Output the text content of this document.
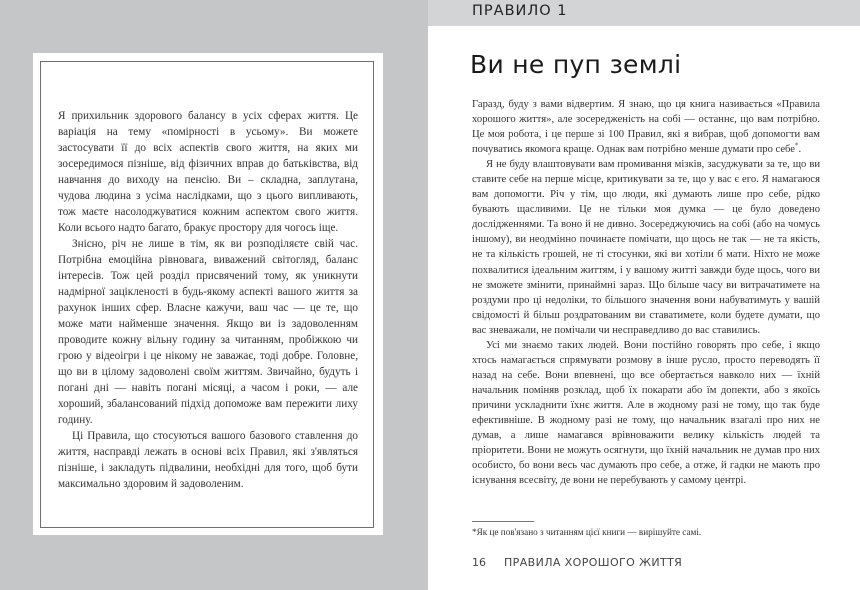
Я прихильник здорового балансу в усіх сферах життя. Це варіація на тему «помірності в усьому». Ви можете застосувати її до всіх аспектів свого життя, на яких ми зосередимося пізніше, від фізичних вправ до батьківства, від навчання до виходу на пенсію. Ви – складна, заплутана, чудова людина з усіма наслідками, що з цього випливають, тож маєте насолоджуватися кожним аспектом свого життя. Коли всього надто багато, бракує простору для чогось іще.

Знісно, річ не лише в тім, як ви розподіляєте свій час. Потрібна емоційна рівновага, виважений світогляд, баланс інтересів. Тож цей розділ присвячений тому, як уникнути надмірної зацікленості в будь-якому аспекті вашого життя за рахунок інших сфер. Власне кажучи, ваш час — це те, що може мати найменше значення. Якщо ви із задоволенням проводите кожну вільну годину за читанням, пробіжкою чи грою у відеоігри і це нікому не заважає, тоді добре. Головне, що ви в цілому задоволені своїм життям. Звичайно, будуть і погані дні — навіть погані місяці, а часом і роки, — але хороший, збалансований підхід допоможе вам пережити лиху годину.

Ці Правила, що стосуються вашого базового ставлення до життя, насправді лежать в основі всіх Правил, які з'являться пізніше, і закладуть підвалини, необхідні для того, щоб бути максимально здоровим й задоволеним.

ПРАВИЛО 1
Ви не пуп землі

Гаразд, буду з вами відвертим. Я знаю, що ця книга називається «Правила хорошого життя», але зосередженість на собі — останнє, що вам потрібно. Це моя робота, і це перше зі 100 Правил, які я вибрав, щоб допомогти вам почуватись якомога краще. Однак вам потрібно менше думати про себе*.

Я не буду влаштовувати вам промивання мізків, засуджувати за те, що ви ставите себе на перше місце, критикувати за те, що у вас є его. Я намагаюся вам допомогти. Річ у тім, що люди, які думають лише про себе, рідко бувають щасливими. Це не тільки моя думка — це було доведено дослідженнями. Та воно й не дивно. Зосереджуючись на собі (або на чомусь іншому), ви неодмінно починаєте помічати, що щось не так — не та якість, не та кількість грошей, не ті стосунки, які ви хотіли б мати. Ніхто не може похвалитися ідеальним життям, і у вашому житті завжди буде щось, чого ви не зможете змінити, принаймні зараз. Що більше часу ви витрачатимете на роздуми про ці недоліки, то більшого значення вони набуватимуть у вашій свідомості й більш роздратованим ви ставатимете, коли будете думати, що вас зневажали, не помічали чи несправедливо до вас ставились.

Усі ми знаємо таких людей. Вони постійно говорять про себе, і якщо хтось намагається спрямувати розмову в інше русло, просто переводять її назад на себе. Вони впевнені, що все обертається навколо них — їхній начальник поміняв розклад, щоб їх покарати або їм допекти, або з якоїсь причини ускладнити їхнє життя. Але в жодному разі не тому, що так буде ефективніше. В жодному разі не тому, що начальник взагалі про них не думав, а лише намагався врівноважити велику кількість людей та пріоритети. Вони не можуть осягнути, що їхній начальник не думав про них особисто, бо вони весь час думають про себе, а отже, й гадки не мають про існування всесвіту, де вони не перебувають у самому центрі.

*Як це пов'язано з читанням цієї книги — вирішуйте самі.
16 ПРАВИЛА ХОРОШОГО ЖИТТЯ
